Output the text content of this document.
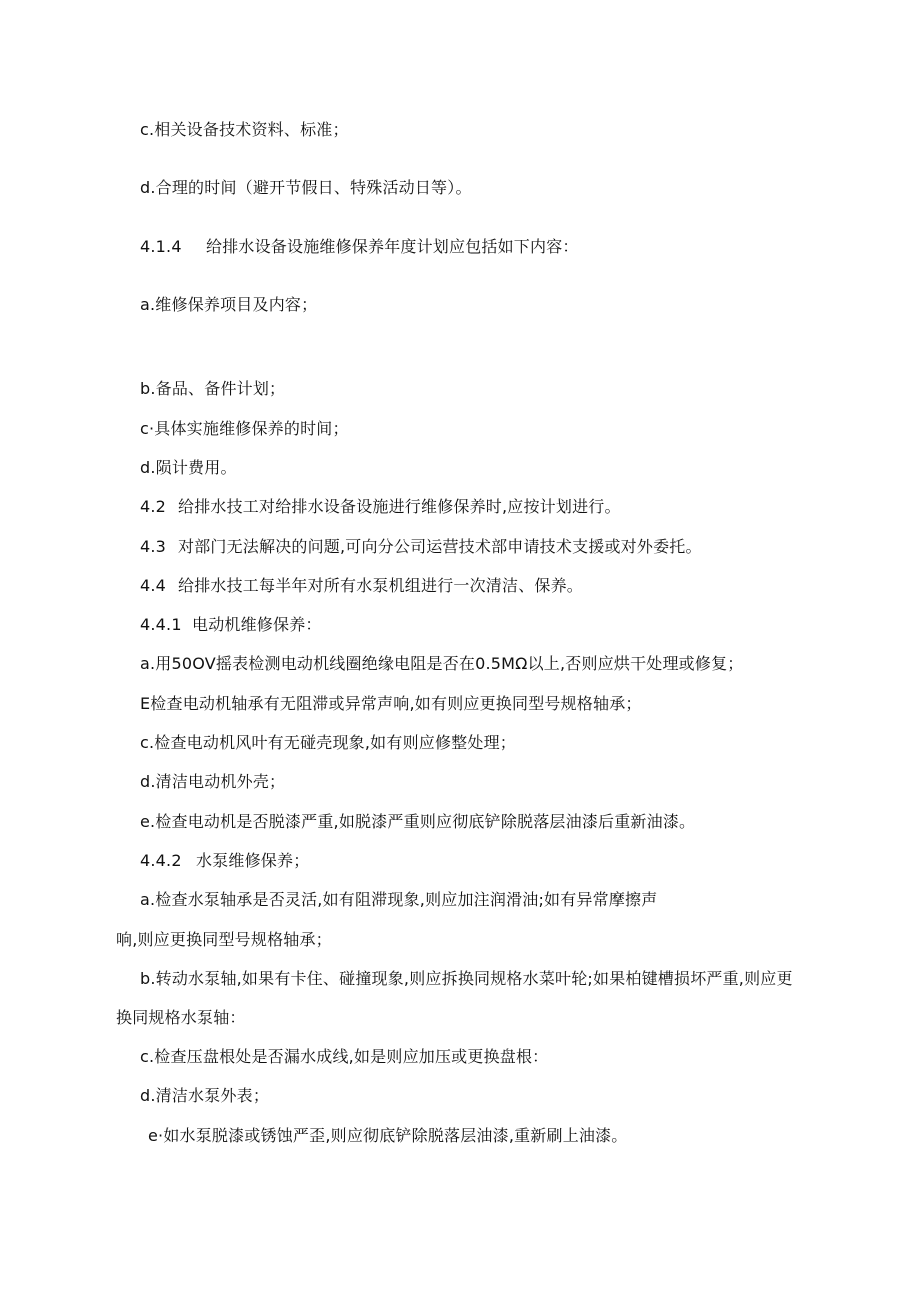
c.相关设备技术资料、标准；
d.合理的时间（避开节假日、特殊活动日等）。
4.1.4 给排水设备设施维修保养年度计划应包括如下内容：
a.维修保养项目及内容；
b.备品、备件计划；
c·具体实施维修保养的时间；
d.陨计费用。
4.2 给排水技工对给排水设备设施进行维修保养时,应按计划进行。
4.3 对部门无法解决的问题,可向分公司运营技术部申请技术支援或对外委托。
4.4 给排水技工每半年对所有水泵机组进行一次清洁、保养。
4.4.1 电动机维修保养：
a.用50OV摇表检测电动机线圈绝缘电阻是否在0.5MΩ以上,否则应烘干处理或修复；
E检查电动机轴承有无阻滞或异常声响,如有则应更换同型号规格轴承；
c.检查电动机风叶有无碰壳现象,如有则应修整处理；
d.清洁电动机外壳；
e.检查电动机是否脱漆严重,如脱漆严重则应彻底铲除脱落层油漆后重新油漆。
4.4.2 水泵维修保养；
a.检查水泵轴承是否灵活,如有阻滞现象,则应加注润滑油;如有异常摩擦声
响,则应更换同型号规格轴承；
b.转动水泵轴,如果有卡住、碰撞现象,则应拆换同规格水菜叶轮;如果柏键槽损坏严重,则应更
换同规格水泵轴：
c.检查压盘根处是否漏水成线,如是则应加压或更换盘根：
d.清洁水泵外表；
e·如水泵脱漆或锈蚀严歪,则应彻底铲除脱落层油漆,重新刷上油漆。
